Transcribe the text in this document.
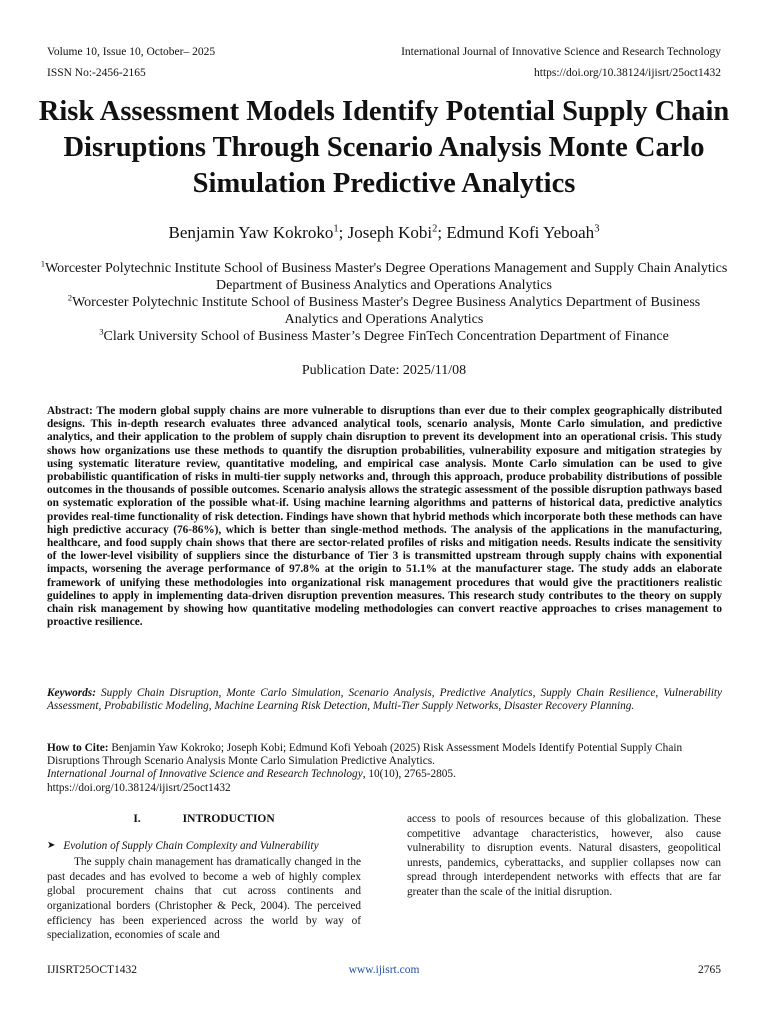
Volume 10, Issue 10, October– 2025	International Journal of Innovative Science and Research Technology
ISSN No:-2456-2165	https://doi.org/10.38124/ijisrt/25oct1432
Risk Assessment Models Identify Potential Supply Chain Disruptions Through Scenario Analysis Monte Carlo Simulation Predictive Analytics
Benjamin Yaw Kokroko$^1$; Joseph Kobi$^2$; Edmund Kofi Yeboah$^3$
$^1$Worcester Polytechnic Institute School of Business Master's Degree Operations Management and Supply Chain Analytics Department of Business Analytics and Operations Analytics
$^2$Worcester Polytechnic Institute School of Business Master's Degree Business Analytics Department of Business Analytics and Operations Analytics
$^3$Clark University School of Business Master’s Degree FinTech Concentration Department of Finance
Publication Date: 2025/11/08

Abstract: The modern global supply chains are more vulnerable to disruptions than ever due to their complex geographically distributed designs. This in-depth research evaluates three advanced analytical tools, scenario analysis, Monte Carlo simulation, and predictive analytics, and their application to the problem of supply chain disruption to prevent its development into an operational crisis. This study shows how organizations use these methods to quantify the disruption probabilities, vulnerability exposure and mitigation strategies by using systematic literature review, quantitative modeling, and empirical case analysis. Monte Carlo simulation can be used to give probabilistic quantification of risks in multi-tier supply networks and, through this approach, produce probability distributions of possible outcomes in the thousands of possible outcomes. Scenario analysis allows the strategic assessment of the possible disruption pathways based on systematic exploration of the possible what-if. Using machine learning algorithms and patterns of historical data, predictive analytics provides real-time functionality of risk detection. Findings have shown that hybrid methods which incorporate both these methods can have high predictive accuracy (76-86%), which is better than single-method methods. The analysis of the applications in the manufacturing, healthcare, and food supply chain shows that there are sector-related profiles of risks and mitigation needs. Results indicate the sensitivity of the lower-level visibility of suppliers since the disturbance of Tier 3 is transmitted upstream through supply chains with exponential impacts, worsening the average performance of 97.8% at the origin to 51.1% at the manufacturer stage. The study adds an elaborate framework of unifying these methodologies into organizational risk management procedures that would give the practitioners realistic guidelines to apply in implementing data-driven disruption prevention measures. This research study contributes to the theory on supply chain risk management by showing how quantitative modeling methodologies can convert reactive approaches to crises management to proactive resilience.

Keywords: Supply Chain Disruption, Monte Carlo Simulation, Scenario Analysis, Predictive Analytics, Supply Chain Resilience, Vulnerability Assessment, Probabilistic Modeling, Machine Learning Risk Detection, Multi-Tier Supply Networks, Disaster Recovery Planning.
How to Cite: Benjamin Yaw Kokroko; Joseph Kobi; Edmund Kofi Yeboah (2025) Risk Assessment Models Identify Potential Supply Chain Disruptions Through Scenario Analysis Monte Carlo Simulation Predictive Analytics.
International Journal of Innovative Science and Research Technology, 10(10), 2765-2805.
https://doi.org/10.38124/ijisrt/25oct1432
I.	INTRODUCTION
➤ Evolution of Supply Chain Complexity and Vulnerability

The supply chain management has dramatically changed in the past decades and has evolved to become a web of highly complex global procurement chains that cut across continents and organizational borders (Christopher & Peck, 2004). The perceived efficiency has been experienced across the world by way of specialization, economies of scale and

access to pools of resources because of this globalization. These competitive advantage characteristics, however, also cause vulnerability to disruption events. Natural disasters, geopolitical unrests, pandemics, cyberattacks, and supplier collapses now can spread through interdependent networks with effects that are far greater than the scale of the initial disruption.

IJISRT25OCT1432	www.ijisrt.com	2765
